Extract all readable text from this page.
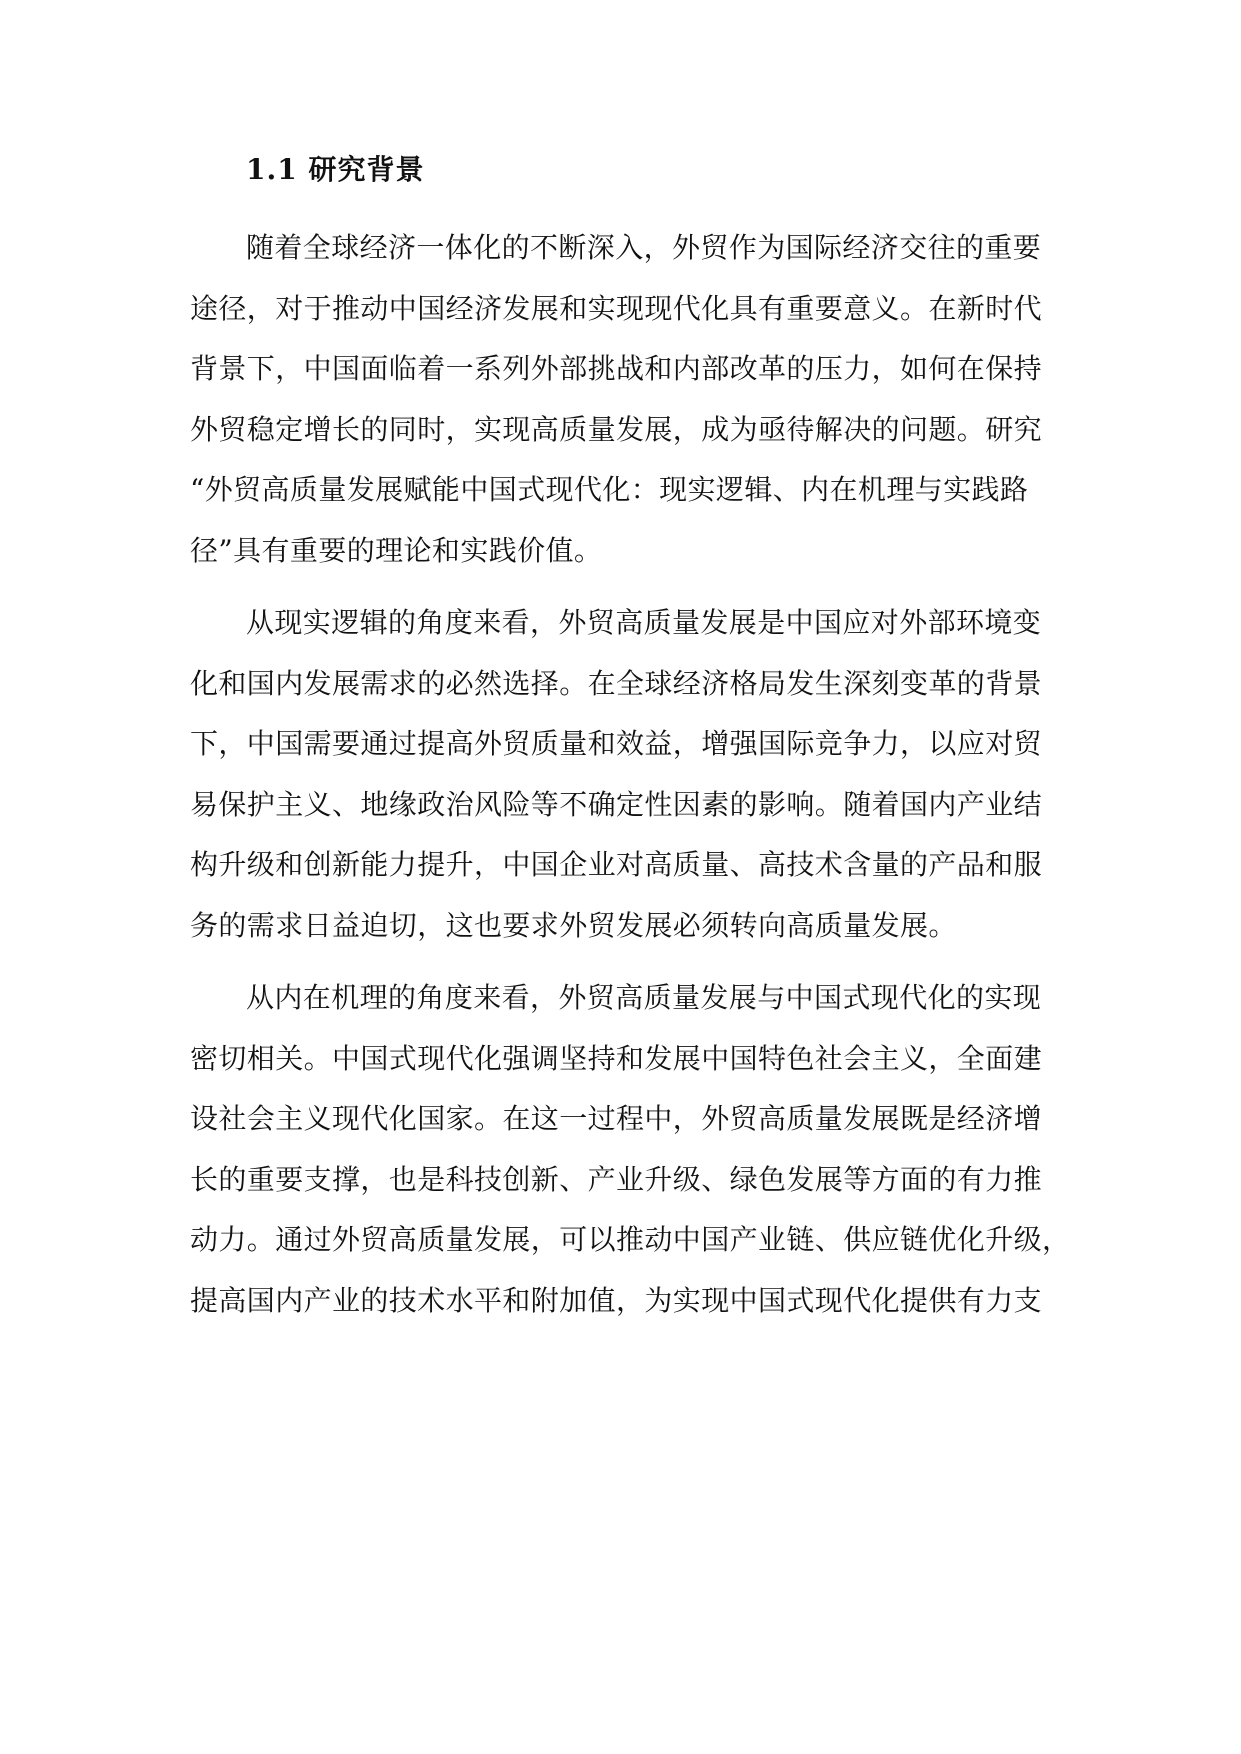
1.1 研究背景

随着全球经济一体化的不断深入，外贸作为国际经济交往的重要
途径，对于推动中国经济发展和实现现代化具有重要意义。在新时代
背景下，中国面临着一系列外部挑战和内部改革的压力，如何在保持
外贸稳定增长的同时，实现高质量发展，成为亟待解决的问题。研究
“外贸高质量发展赋能中国式现代化：现实逻辑、内在机理与实践路
径”具有重要的理论和实践价值。

从现实逻辑的角度来看，外贸高质量发展是中国应对外部环境变
化和国内发展需求的必然选择。在全球经济格局发生深刻变革的背景
下，中国需要通过提高外贸质量和效益，增强国际竞争力，以应对贸
易保护主义、地缘政治风险等不确定性因素的影响。随着国内产业结
构升级和创新能力提升，中国企业对高质量、高技术含量的产品和服
务的需求日益迫切，这也要求外贸发展必须转向高质量发展。

从内在机理的角度来看，外贸高质量发展与中国式现代化的实现
密切相关。中国式现代化强调坚持和发展中国特色社会主义，全面建
设社会主义现代化国家。在这一过程中，外贸高质量发展既是经济增
长的重要支撑，也是科技创新、产业升级、绿色发展等方面的有力推
动力。通过外贸高质量发展，可以推动中国产业链、供应链优化升级，
提高国内产业的技术水平和附加值，为实现中国式现代化提供有力支
